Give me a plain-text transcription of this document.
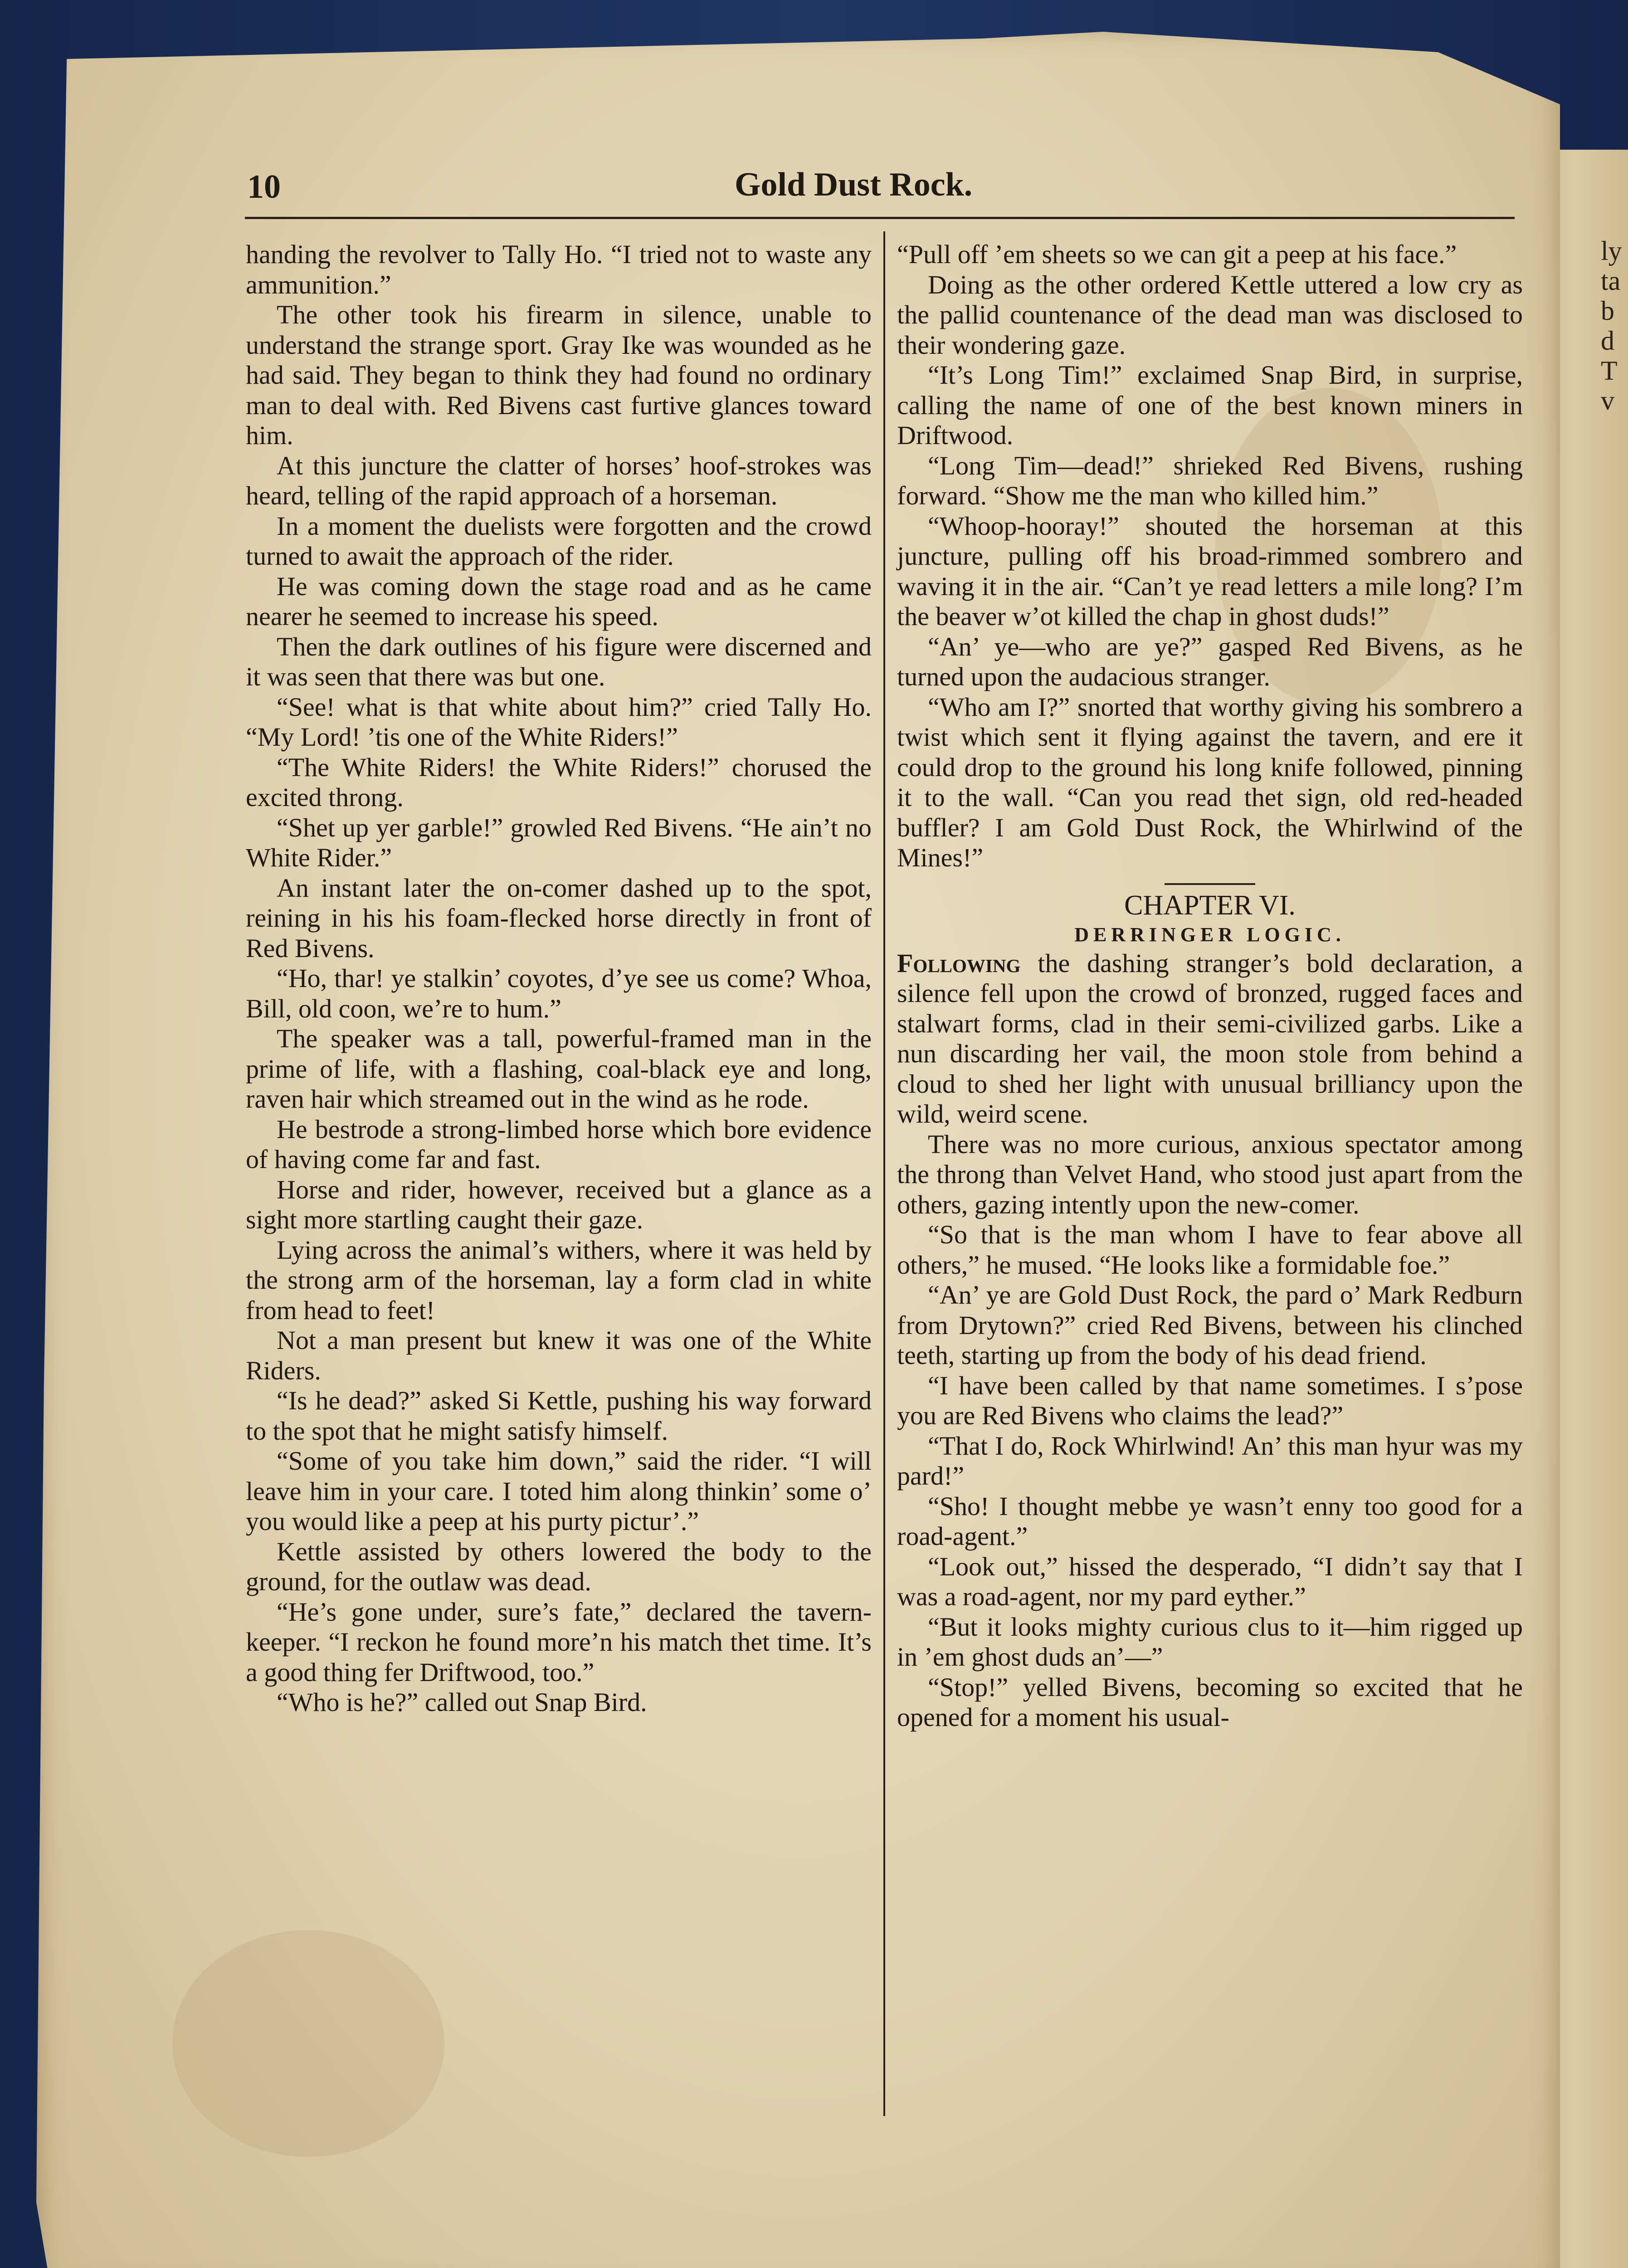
ly
ta
b
d
T
v
10	Gold Dust Rock.

handing the revolver to Tally Ho. “I tried not to waste any ammunition.”

The other took his firearm in silence, unable to understand the strange sport. Gray Ike was wounded as he had said. They began to think they had found no ordinary man to deal with. Red Bivens cast furtive glances toward him.

At this juncture the clatter of horses’ hoof-strokes was heard, telling of the rapid approach of a horseman.

In a moment the duelists were forgotten and the crowd turned to await the approach of the rider.

He was coming down the stage road and as he came nearer he seemed to increase his speed.

Then the dark outlines of his figure were discerned and it was seen that there was but one.

“See! what is that white about him?” cried Tally Ho. “My Lord! ’tis one of the White Riders!”

“The White Riders! the White Riders!” chorused the excited throng.

“Shet up yer garble!” growled Red Bivens. “He ain’t no White Rider.”

An instant later the on-comer dashed up to the spot, reining in his his foam-flecked horse directly in front of Red Bivens.

“Ho, thar! ye stalkin’ coyotes, d’ye see us come? Whoa, Bill, old coon, we’re to hum.”

The speaker was a tall, powerful-framed man in the prime of life, with a flashing, coal-black eye and long, raven hair which streamed out in the wind as he rode.

He bestrode a strong-limbed horse which bore evidence of having come far and fast.

Horse and rider, however, received but a glance as a sight more startling caught their gaze.

Lying across the animal’s withers, where it was held by the strong arm of the horseman, lay a form clad in white from head to feet!

Not a man present but knew it was one of the White Riders.

“Is he dead?” asked Si Kettle, pushing his way forward to the spot that he might satisfy himself.

“Some of you take him down,” said the rider. “I will leave him in your care. I toted him along thinkin’ some o’ you would like a peep at his purty pictur’.”

Kettle assisted by others lowered the body to the ground, for the outlaw was dead.

“He’s gone under, sure’s fate,” declared the tavern-keeper. “I reckon he found more’n his match thet time. It’s a good thing fer Driftwood, too.”

“Who is he?” called out Snap Bird.

“Pull off ’em sheets so we can git a peep at his face.”

Doing as the other ordered Kettle uttered a low cry as the pallid countenance of the dead man was disclosed to their wondering gaze.

“It’s Long Tim!” exclaimed Snap Bird, in surprise, calling the name of one of the best known miners in Driftwood.

“Long Tim—dead!” shrieked Red Bivens, rushing forward. “Show me the man who killed him.”

“Whoop-hooray!” shouted the horseman at this juncture, pulling off his broad-rimmed sombrero and waving it in the air. “Can’t ye read letters a mile long? I’m the beaver w’ot killed the chap in ghost duds!”

“An’ ye—who are ye?” gasped Red Bivens, as he turned upon the audacious stranger.

“Who am I?” snorted that worthy giving his sombrero a twist which sent it flying against the tavern, and ere it could drop to the ground his long knife followed, pinning it to the wall. “Can you read thet sign, old red-headed buffler? I am Gold Dust Rock, the Whirlwind of the Mines!”

CHAPTER VI.

DERRINGER LOGIC.

Following the dashing stranger’s bold declaration, a silence fell upon the crowd of bronzed, rugged faces and stalwart forms, clad in their semi-civilized garbs. Like a nun discarding her vail, the moon stole from behind a cloud to shed her light with unusual brilliancy upon the wild, weird scene.

There was no more curious, anxious spectator among the throng than Velvet Hand, who stood just apart from the others, gazing intently upon the new-comer.

“So that is the man whom I have to fear above all others,” he mused. “He looks like a formidable foe.”

“An’ ye are Gold Dust Rock, the pard o’ Mark Redburn from Drytown?” cried Red Bivens, between his clinched teeth, starting up from the body of his dead friend.

“I have been called by that name sometimes. I s’pose you are Red Bivens who claims the lead?”

“That I do, Rock Whirlwind! An’ this man hyur was my pard!”

“Sho! I thought mebbe ye wasn’t enny too good for a road-agent.”

“Look out,” hissed the desperado, “I didn’t say that I was a road-agent, nor my pard eyther.”

“But it looks mighty curious clus to it—him rigged up in ’em ghost duds an’—”

“Stop!” yelled Bivens, becoming so excited that he opened for a moment his usual-
